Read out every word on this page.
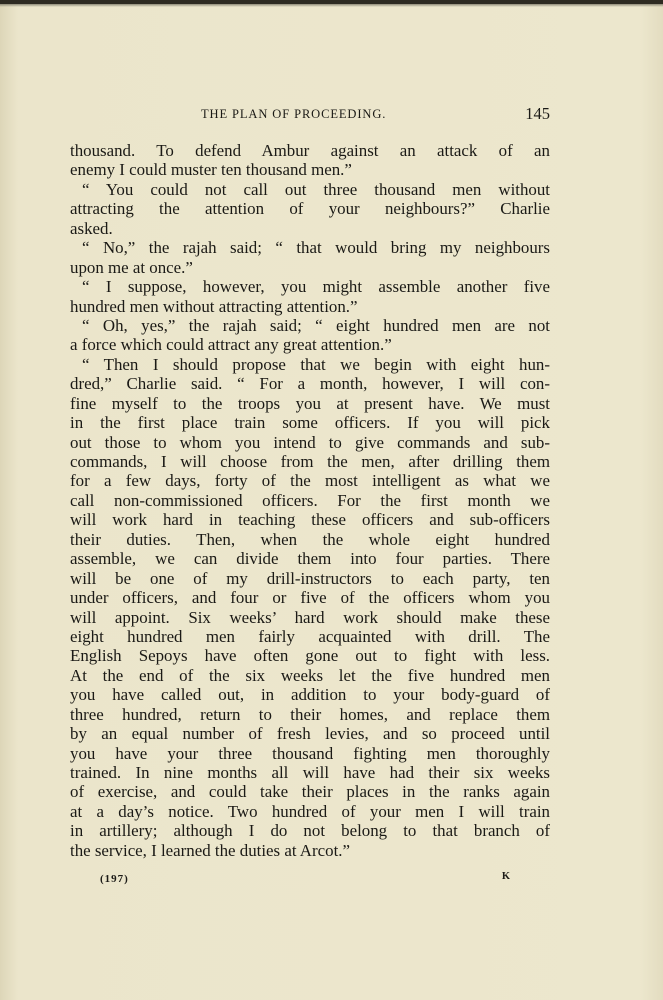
THE PLAN OF PROCEEDING.	145
thousand. To defend Ambur against an attack of an
enemy I could muster ten thousand men.”
“ You could not call out three thousand men without
attracting the attention of your neighbours?” Charlie
asked.
“ No,” the rajah said; “ that would bring my neighbours
upon me at once.”
“ I suppose, however, you might assemble another five
hundred men without attracting attention.”
“ Oh, yes,” the rajah said; “ eight hundred men are not
a force which could attract any great attention.”
“ Then I should propose that we begin with eight hun-
dred,” Charlie said. “ For a month, however, I will con-
fine myself to the troops you at present have. We must
in the first place train some officers. If you will pick
out those to whom you intend to give commands and sub-
commands, I will choose from the men, after drilling them
for a few days, forty of the most intelligent as what we
call non-commissioned officers. For the first month we
will work hard in teaching these officers and sub-officers
their duties. Then, when the whole eight hundred
assemble, we can divide them into four parties. There
will be one of my drill-instructors to each party, ten
under officers, and four or five of the officers whom you
will appoint. Six weeks’ hard work should make these
eight hundred men fairly acquainted with drill. The
English Sepoys have often gone out to fight with less.
At the end of the six weeks let the five hundred men
you have called out, in addition to your body-guard of
three hundred, return to their homes, and replace them
by an equal number of fresh levies, and so proceed until
you have your three thousand fighting men thoroughly
trained. In nine months all will have had their six weeks
of exercise, and could take their places in the ranks again
at a day’s notice. Two hundred of your men I will train
in artillery; although I do not belong to that branch of
the service, I learned the duties at Arcot.”
(197)	K
